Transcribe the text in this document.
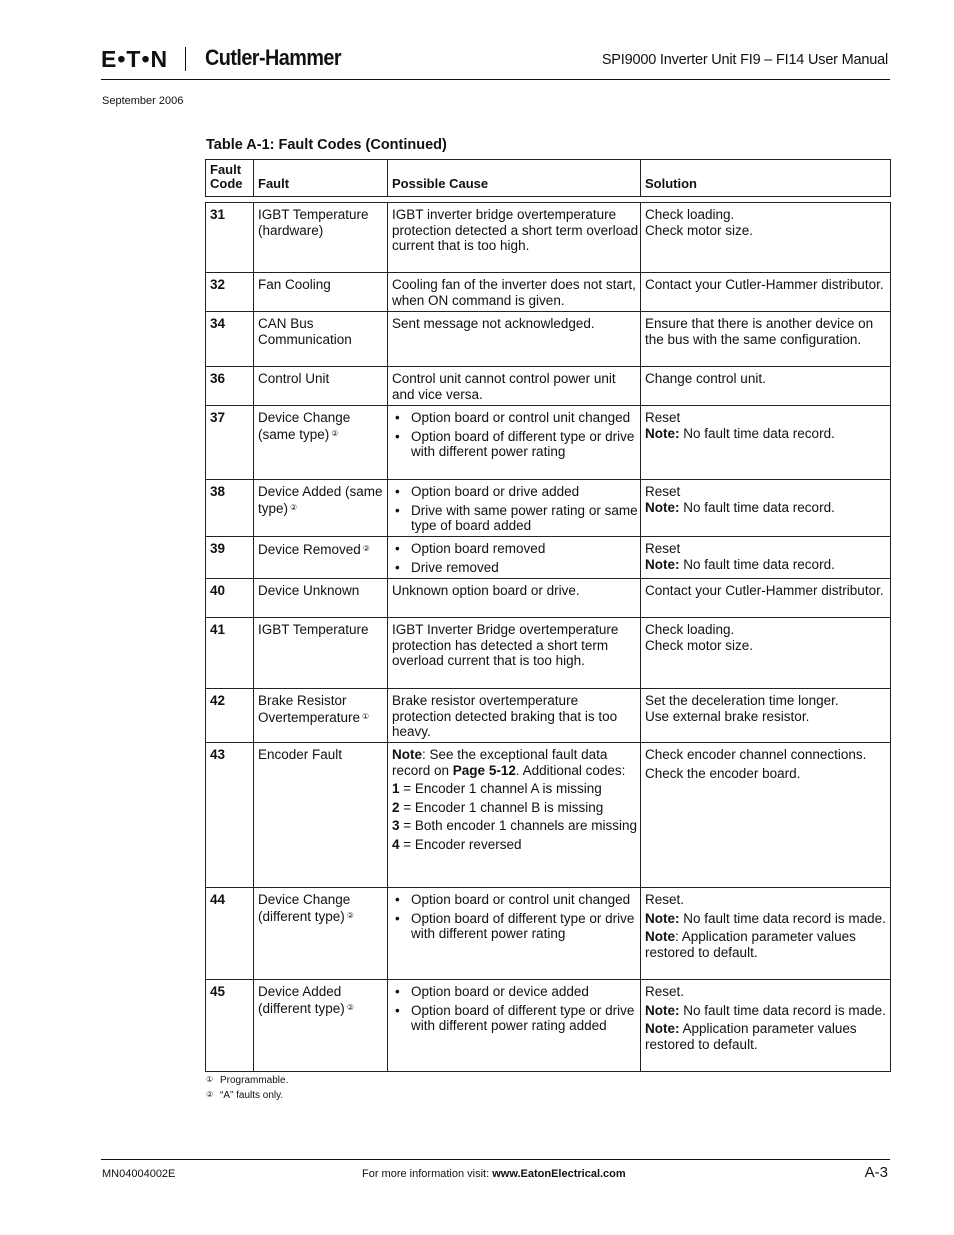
E•T•N Cutler-Hammer	SPI9000 Inverter Unit FI9 – FI14 User Manual
September 2006
Table A-1: Fault Codes (Continued)
Fault
Code	Fault	Possible Cause	Solution
31	IGBT Temperature (hardware)
IGBT inverter bridge overtemperature protection detected a short term overload current that is too high.
Check loading.
Check motor size.
32	Fan Cooling	Cooling fan of the inverter does not start, when ON command is given.
Contact your Cutler-Hammer distributor.
34	CAN Bus Communication
Sent message not acknowledged.	Ensure that there is another device on the bus with the same configuration.
36	Control Unit	Control unit cannot control power unit and vice versa.
Change control unit.
37	Device Change (same type) ②
• Option board or control unit changed
• Option board of different type or drive with different power rating
Reset
Note: No fault time data record.
38	Device Added (same type) ②
• Option board or drive added
• Drive with same power rating or same type of board added
Reset
Note: No fault time data record.
39	Device Removed ②
•	Option board removed
• Drive removed
Reset
Note: No fault time data record.
40	Device Unknown	Unknown option board or drive.	Contact your Cutler-Hammer distributor.
41	IGBT Temperature	IGBT Inverter Bridge overtemperature protection has detected a short term overload current that is too high.
Check loading.
Check motor size.
42	Brake Resistor Overtemperature ①
Brake resistor overtemperature protection detected braking that is too heavy.
Set the deceleration time longer.
Use external brake resistor.
43	Encoder Fault	Note: See the exceptional fault data record on Page 5-12. Additional codes:
1 = Encoder 1 channel A is missing
2 = Encoder 1 channel B is missing
3 = Both encoder 1 channels are missing
4 = Encoder reversed
Check encoder channel connections.
Check the encoder board.
44	Device Change (different type) ②
• Option board or control unit changed
• Option board of different type or drive with different power rating
Reset.
Note: No fault time data record is made.
Note: Application parameter values restored to default.
45	Device Added (different type) ②
• Option board or device added
• Option board of different type or drive with different power rating added
Reset.
Note: No fault time data record is made.
Note: Application parameter values restored to default.
① Programmable.
② “A” faults only.
MN04004002E	For more information visit: www.EatonElectrical.com	A-3
